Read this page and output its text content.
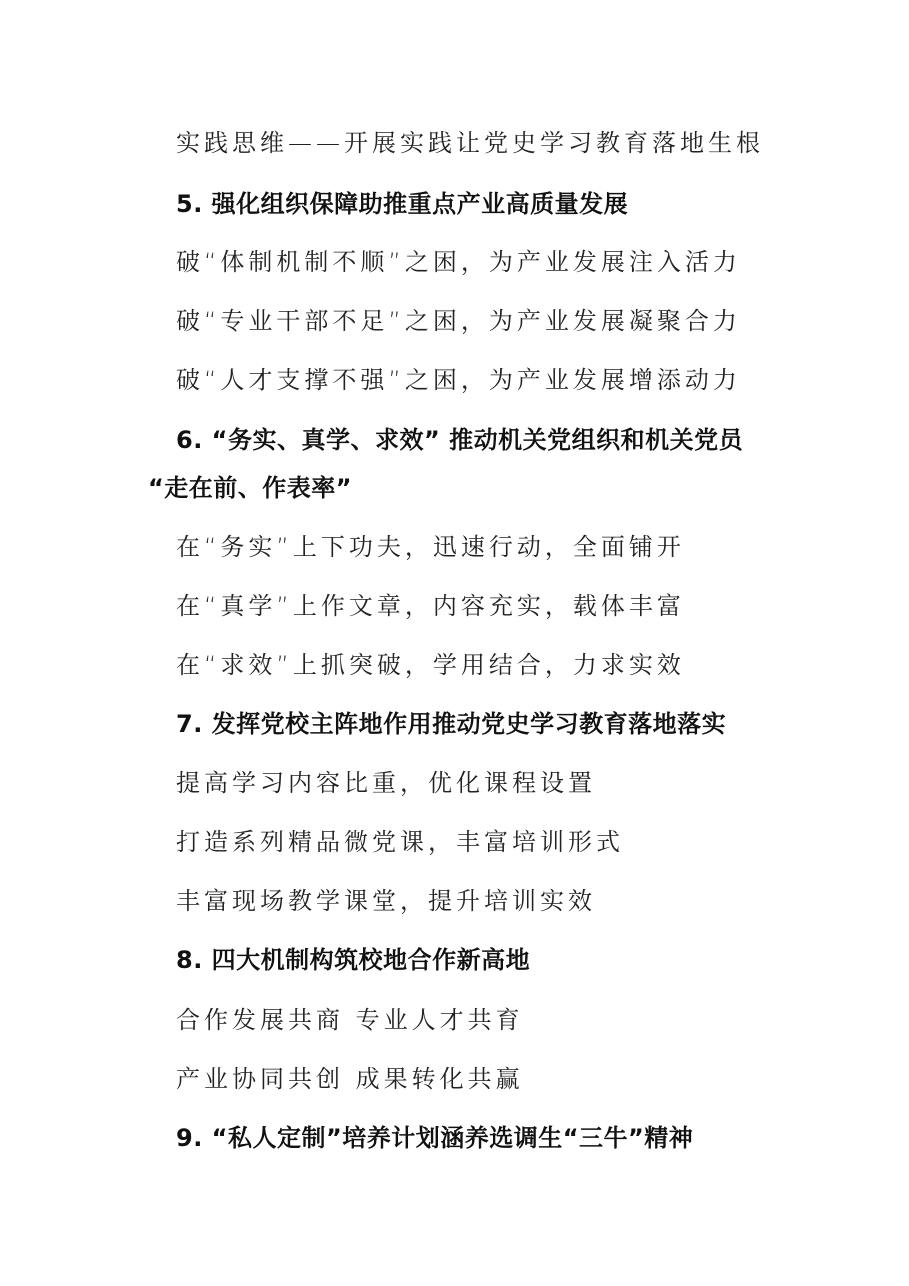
实践思维——开展实践让党史学习教育落地生根
5. 强化组织保障助推重点产业高质量发展
破“体制机制不顺”之困，为产业发展注入活力
破“专业干部不足”之困，为产业发展凝聚合力
破“人才支撑不强”之困，为产业发展增添动力
6. “务实、真学、求效” 推动机关党组织和机关党员
“走在前、作表率”
在“务实”上下功夫，迅速行动，全面铺开
在“真学”上作文章，内容充实，载体丰富
在“求效”上抓突破，学用结合，力求实效
7. 发挥党校主阵地作用推动党史学习教育落地落实
提高学习内容比重，优化课程设置
打造系列精品微党课，丰富培训形式
丰富现场教学课堂，提升培训实效
8. 四大机制构筑校地合作新高地
合作发展共商 专业人才共育
产业协同共创 成果转化共赢
9. “私人定制”培养计划涵养选调生“三牛”精神
